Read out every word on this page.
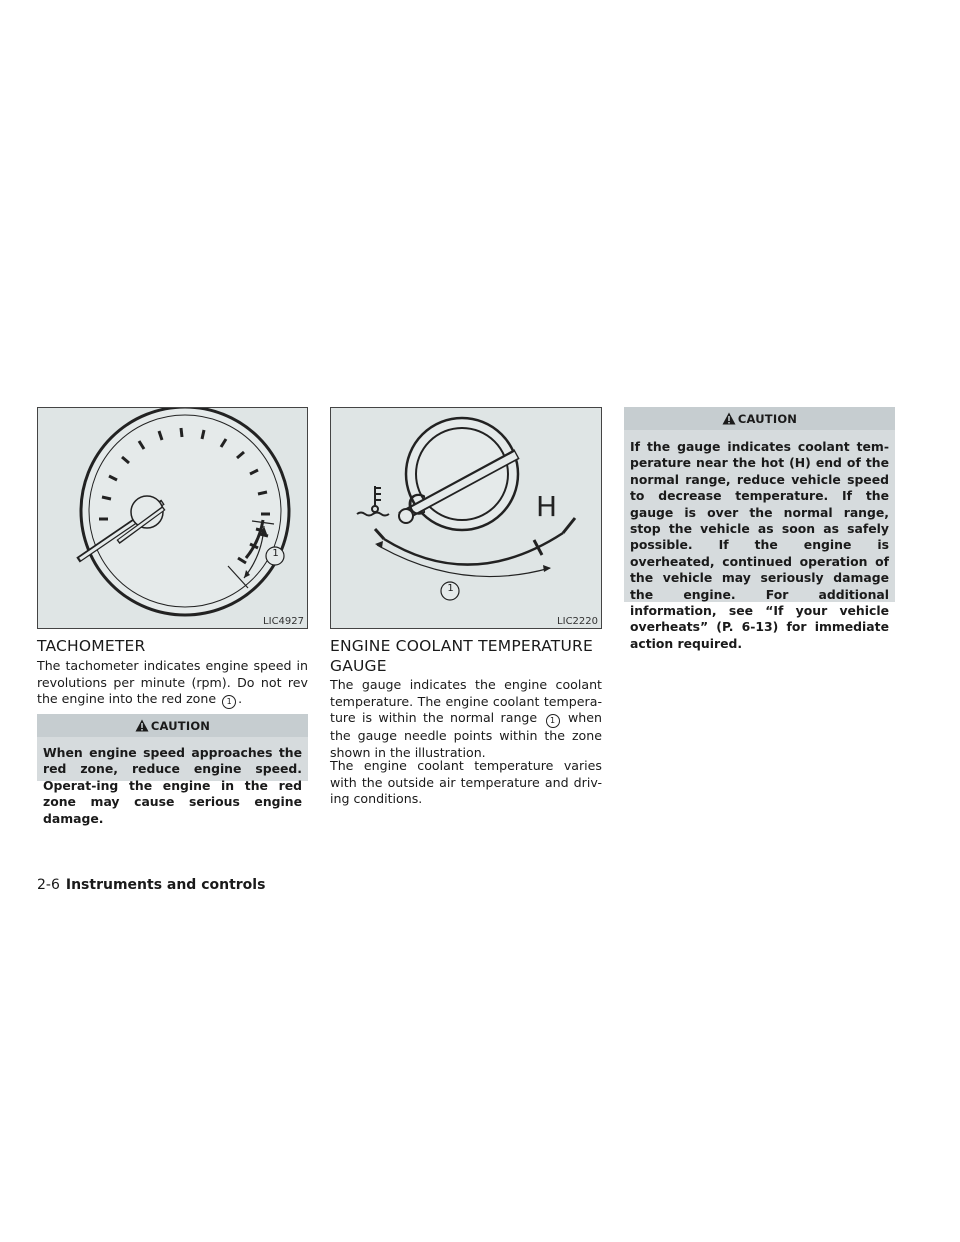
1
LIC4927
C	H
1
LIC2220
TACHOMETER

The tachometer indicates engine speed in revolutions per minute (rpm). Do not rev the engine into the red zone 1 .

CAUTION

When engine speed approaches the red zone, reduce engine speed. Operat-ing the engine in the red zone may cause serious engine damage.

ENGINE COOLANT TEMPERATURE GAUGE

The gauge indicates the engine coolant temperature. The engine coolant tempera-ture is within the normal range 1 when the gauge needle points within the zone shown in the illustration.

The engine coolant temperature varies with the outside air temperature and driv-ing conditions.

CAUTION

If the gauge indicates coolant tem-perature near the hot (H) end of the normal range, reduce vehicle speed to decrease temperature. If the gauge is over the normal range, stop the vehicle as soon as safely possible. If the engine is overheated, continued operation of the vehicle may seriously damage the engine. For additional information, see “If your vehicle overheats” (P. 6-13) for immediate action required.

2-6 Instruments and controls
